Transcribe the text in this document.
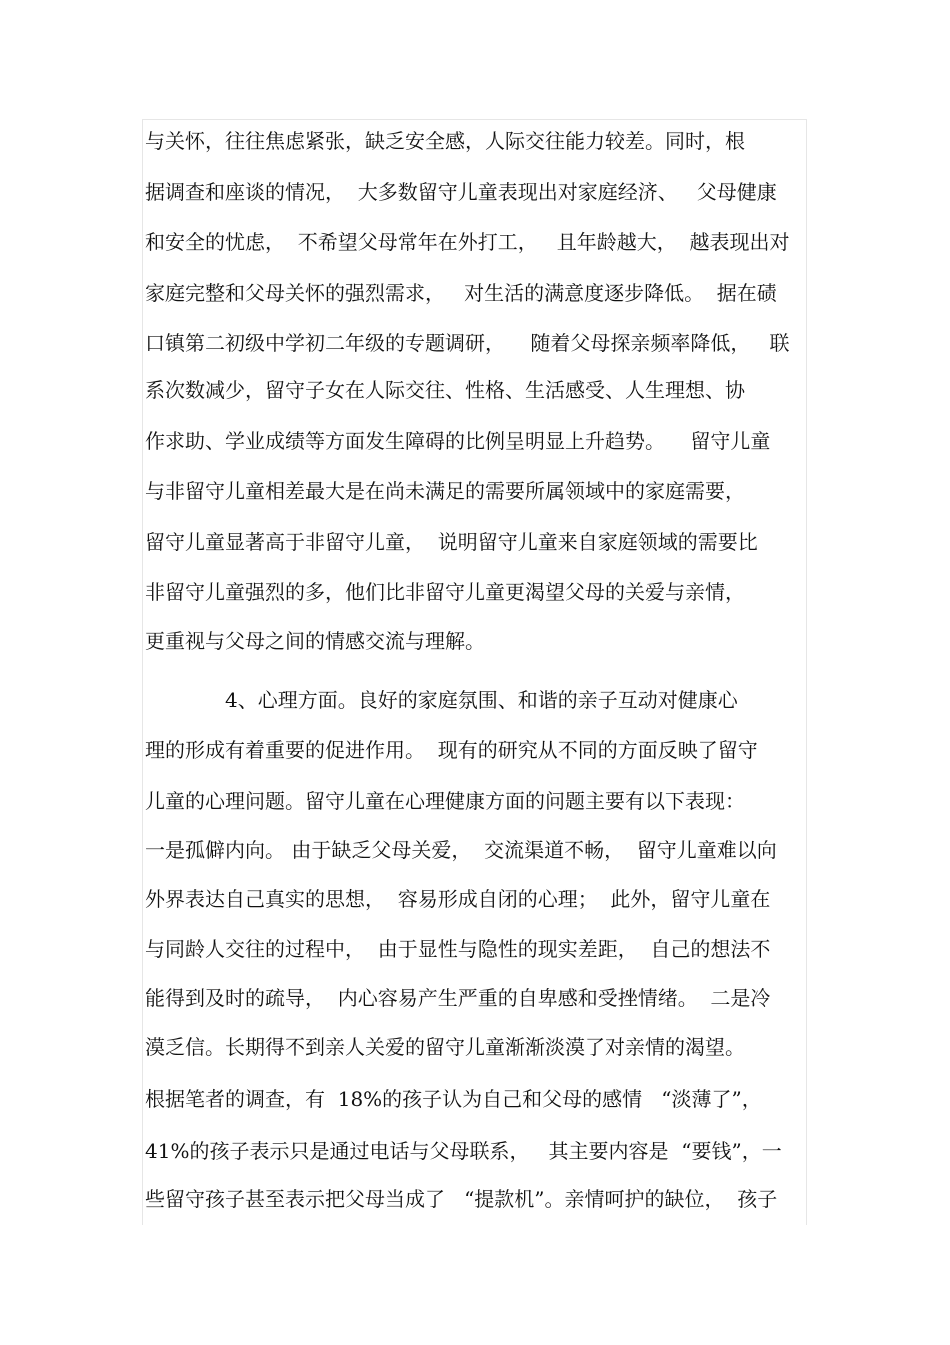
与关怀，往往焦虑紧张，缺乏安全感，人际交往能力较差。同时，根
据调查和座谈的情况，  大多数留守儿童表现出对家庭经济、   父母健康
和安全的忧虑，  不希望父母常年在外打工，   且年龄越大，  越表现出对
家庭完整和父母关怀的强烈需求，   对生活的满意度逐步降低。  据在碛
口镇第二初级中学初二年级的专题调研，    随着父母探亲频率降低，   联
系次数减少，留守子女在人际交往、性格、生活感受、人生理想、协
作求助、学业成绩等方面发生障碍的比例呈明显上升趋势。    留守儿童
与非留守儿童相差最大是在尚未满足的需要所属领域中的家庭需要，
留守儿童显著高于非留守儿童，  说明留守儿童来自家庭领域的需要比
非留守儿童强烈的多，他们比非留守儿童更渴望父母的关爱与亲情，
更重视与父母之间的情感交流与理解。
4、心理方面。良好的家庭氛围、和谐的亲子互动对健康心
理的形成有着重要的促进作用。  现有的研究从不同的方面反映了留守
儿童的心理问题。留守儿童在心理健康方面的问题主要有以下表现：
一是孤僻内向。 由于缺乏父母关爱，  交流渠道不畅，  留守儿童难以向
外界表达自己真实的思想，  容易形成自闭的心理；  此外，留守儿童在
与同龄人交往的过程中，  由于显性与隐性的现实差距，  自己的想法不
能得到及时的疏导，  内心容易产生严重的自卑感和受挫情绪。  二是冷
漠乏信。长期得不到亲人关爱的留守儿童渐渐淡漠了对亲情的渴望。
根据笔者的调查，有  18%的孩子认为自己和父母的感情   “淡薄了”，
41%的孩子表示只是通过电话与父母联系，   其主要内容是  “要钱”，一
些留守孩子甚至表示把父母当成了   “提款机”。亲情呵护的缺位，  孩子
